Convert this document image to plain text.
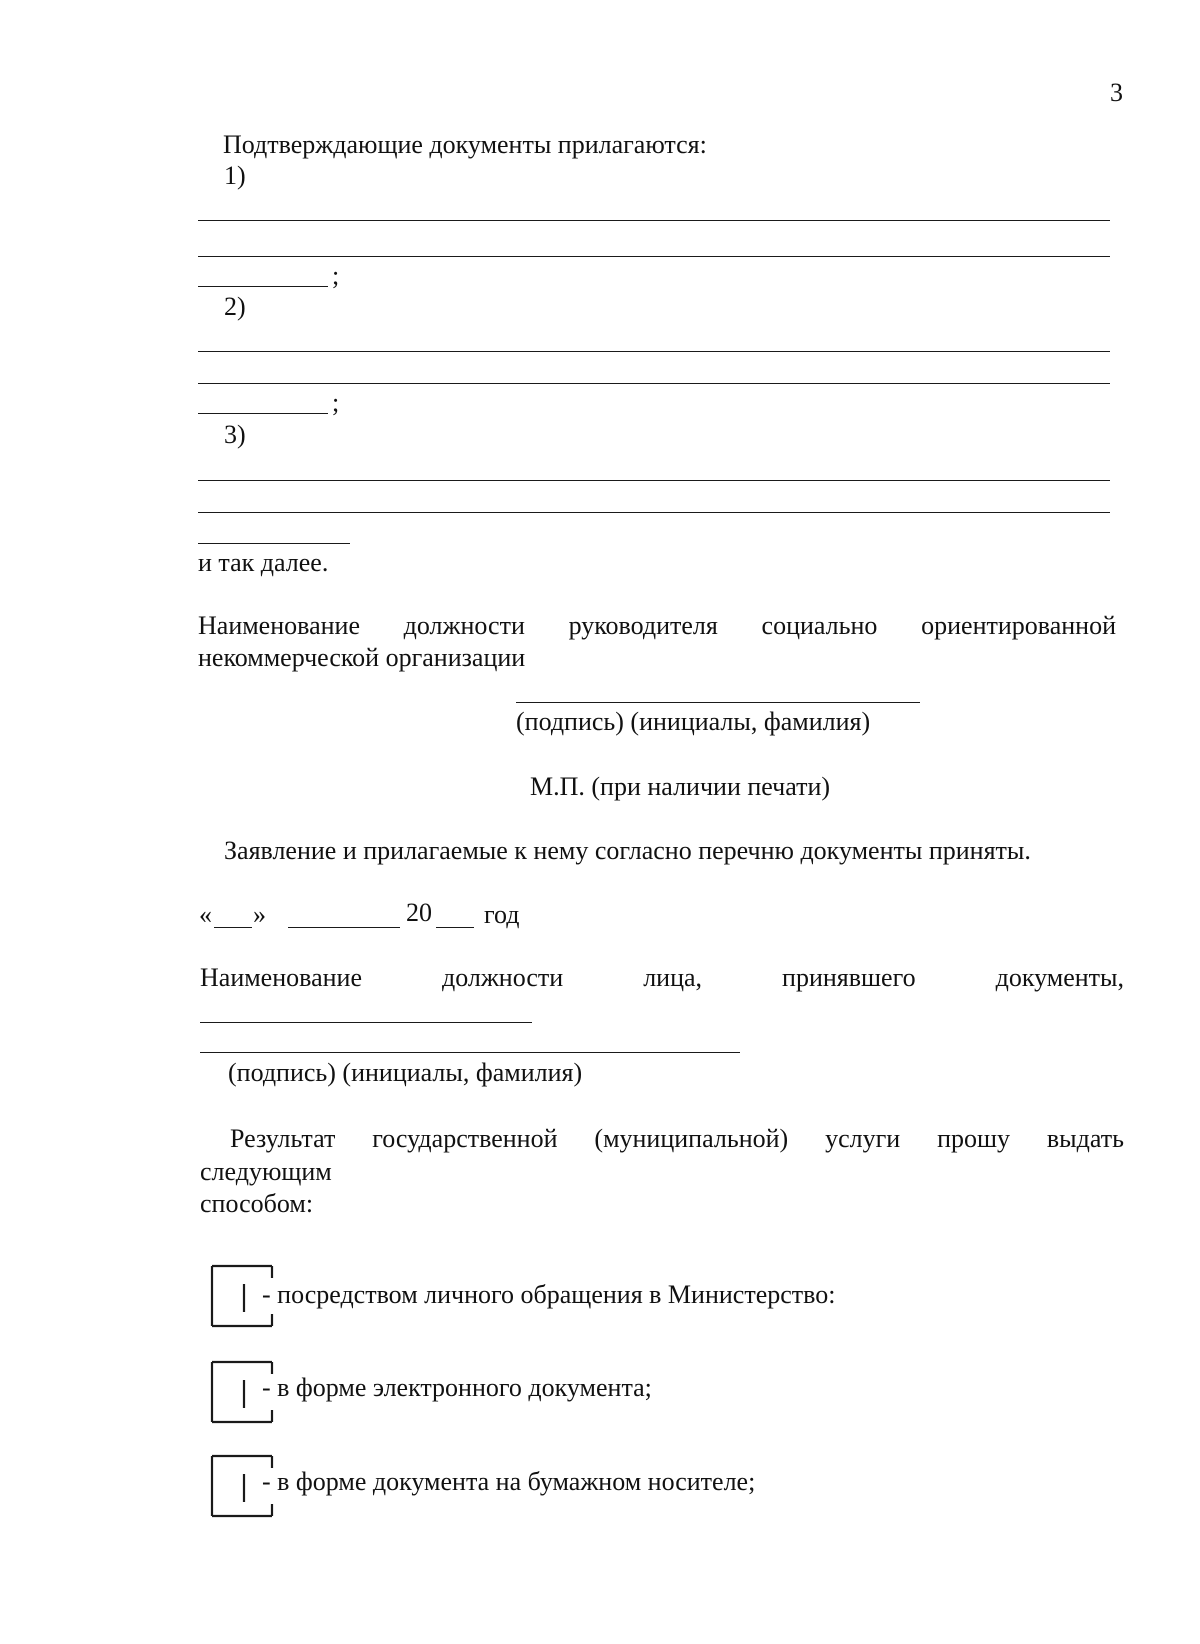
3
Подтверждающие документы прилагаются:
1)
;
2)
;
3)
и так далее.
Наименование должности руководителя социально ориентированной
некоммерческой организации
(подпись) (инициалы, фамилия)
М.П. (при наличии печати)
Заявление и прилагаемые к нему согласно перечню документы приняты.
« »	20 год
Наименование	должности	лица,	принявшего	документы,
(подпись) (инициалы, фамилия)
Результат государственной (муниципальной) услуги прошу выдать
следующим
способом:
- посредством личного обращения в Министерство:
- в форме электронного документа;
- в форме документа на бумажном носителе;
